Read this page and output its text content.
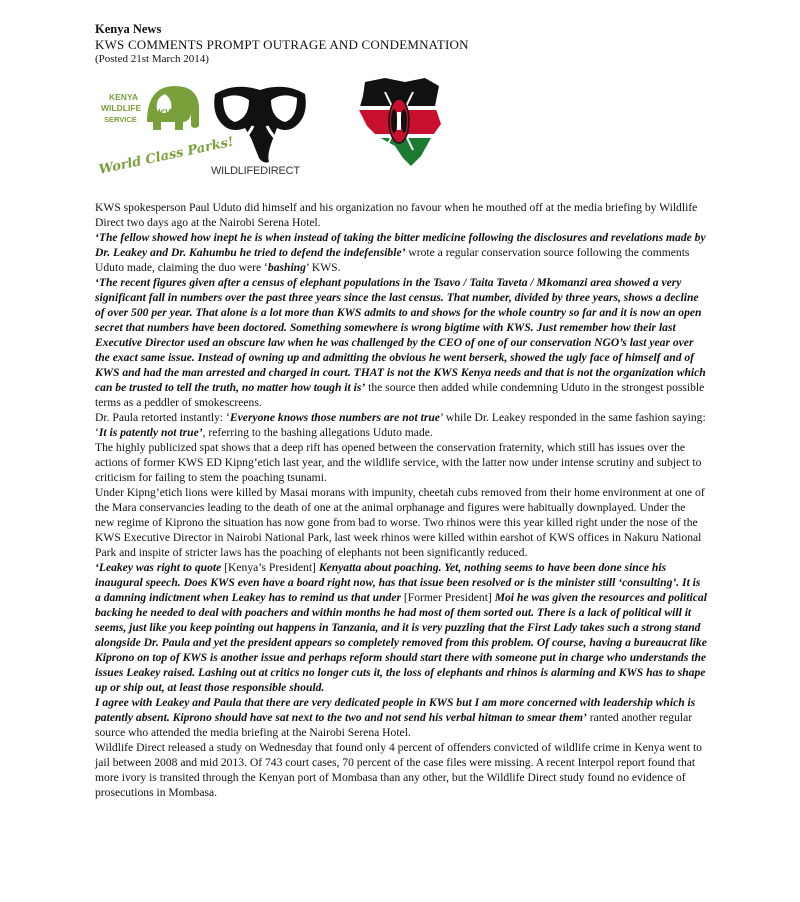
Kenya News
KWS COMMENTS PROMPT OUTRAGE AND CONDEMNATION
(Posted 21st March 2014)
KENYA
WILDLIFE
SERVICE
KWS
World Class Parks!
WILDLIFEDIRECT

KWS spokesperson Paul Uduto did himself and his organization no favour when he mouthed off at the media briefing by Wildlife Direct two days ago at the Nairobi Serena Hotel.

‘The fellow showed how inept he is when instead of taking the bitter medicine following the disclosures and revelations made by Dr. Leakey and Dr. Kahumbu he tried to defend the indefensible’ wrote a regular conservation source following the comments Uduto made, claiming the duo were ‘bashing’ KWS.

‘The recent figures given after a census of elephant populations in the Tsavo / Taita Taveta / Mkomanzi area showed a very significant fall in numbers over the past three years since the last census. That number, divided by three years, shows a decline of over 500 per year. That alone is a lot more than KWS admits to and shows for the whole country so far and it is now an open secret that numbers have been doctored. Something somewhere is wrong bigtime with KWS. Just remember how their last Executive Director used an obscure law when he was challenged by the CEO of one of our conservation NGO’s last year over the exact same issue. Instead of owning up and admitting the obvious he went berserk, showed the ugly face of himself and of KWS and had the man arrested and charged in court. THAT is not the KWS Kenya needs and that is not the organization which can be trusted to tell the truth, no matter how tough it is’ the source then added while condemning Uduto in the strongest possible terms as a peddler of smokescreens.

Dr. Paula retorted instantly: ‘Everyone knows those numbers are not true’ while Dr. Leakey responded in the same fashion saying: ‘It is patently not true’, referring to the bashing allegations Uduto made.

The highly publicized spat shows that a deep rift has opened between the conservation fraternity, which still has issues over the actions of former KWS ED Kipng’etich last year, and the wildlife service, with the latter now under intense scrutiny and subject to criticism for failing to stem the poaching tsunami.

Under Kipng’etich lions were killed by Masai morans with impunity, cheetah cubs removed from their home environment at one of the Mara conservancies leading to the death of one at the animal orphanage and figures were habitually downplayed. Under the new regime of Kiprono the situation has now gone from bad to worse. Two rhinos were this year killed right under the nose of the KWS Executive Director in Nairobi National Park, last week rhinos were killed within earshot of KWS offices in Nakuru National Park and inspite of stricter laws has the poaching of elephants not been significantly reduced.

‘Leakey was right to quote [Kenya’s President] Kenyatta about poaching. Yet, nothing seems to have been done since his inaugural speech. Does KWS even have a board right now, has that issue been resolved or is the minister still ‘consulting’. It is a damning indictment when Leakey has to remind us that under [Former President] Moi he was given the resources and political backing he needed to deal with poachers and within months he had most of them sorted out. There is a lack of political will it seems, just like you keep pointing out happens in Tanzania, and it is very puzzling that the First Lady takes such a strong stand alongside Dr. Paula and yet the president appears so completely removed from this problem. Of course, having a bureaucrat like Kiprono on top of KWS is another issue and perhaps reform should start there with someone put in charge who understands the issues Leakey raised. Lashing out at critics no longer cuts it, the loss of elephants and rhinos is alarming and KWS has to shape up or ship out, at least those responsible should.

I agree with Leakey and Paula that there are very dedicated people in KWS but I am more concerned with leadership which is patently absent. Kiprono should have sat next to the two and not send his verbal hitman to smear them’ ranted another regular source who attended the media briefing at the Nairobi Serena Hotel.

Wildlife Direct released a study on Wednesday that found only 4 percent of offenders convicted of wildlife crime in Kenya went to jail between 2008 and mid 2013. Of 743 court cases, 70 percent of the case files were missing. A recent Interpol report found that more ivory is transited through the Kenyan port of Mombasa than any other, but the Wildlife Direct study found no evidence of prosecutions in Mombasa.
